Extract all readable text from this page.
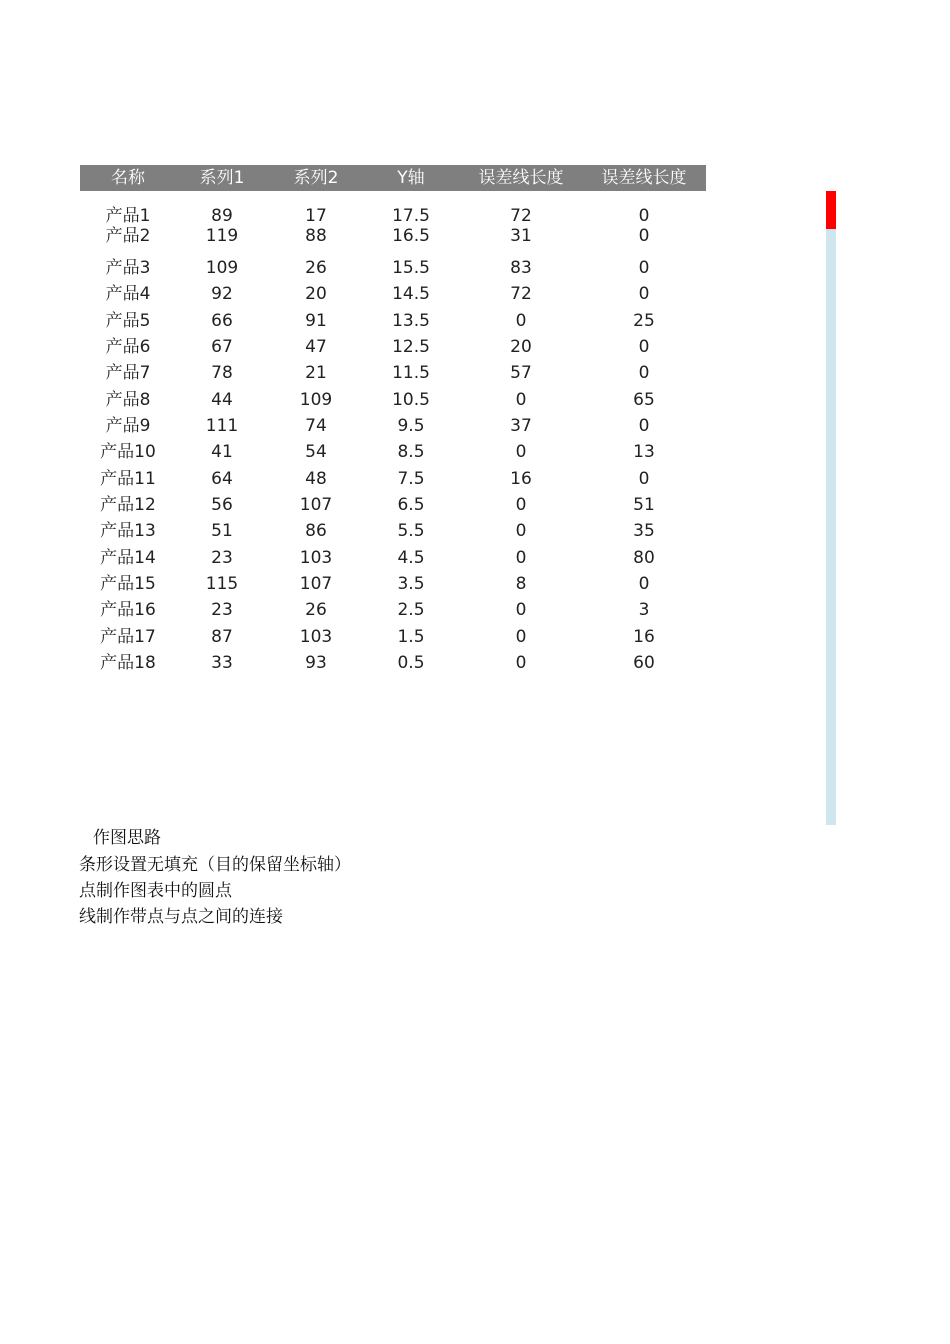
名称	系列1	系列2	Y轴	误差线长度	误差线长度
产品1	89	17	17.5	72	0
产品2	119	88	16.5	31	0
产品3	109	26	15.5	83	0
产品4	92	20	14.5	72	0
产品5	66	91	13.5	0	25
产品6	67	47	12.5	20	0
产品7	78	21	11.5	57	0
产品8	44	109	10.5	0	65
产品9	111	74	9.5	37	0
产品10	41	54	8.5	0	13
产品11	64	48	7.5	16	0
产品12	56	107	6.5	0	51
产品13	51	86	5.5	0	35
产品14	23	103	4.5	0	80
产品15	115	107	3.5	8	0
产品16	23	26	2.5	0	3
产品17	87	103	1.5	0	16
产品18	33	93	0.5	0	60
作图思路
条形设置无填充（目的保留坐标轴）
点制作图表中的圆点
线制作带点与点之间的连接
